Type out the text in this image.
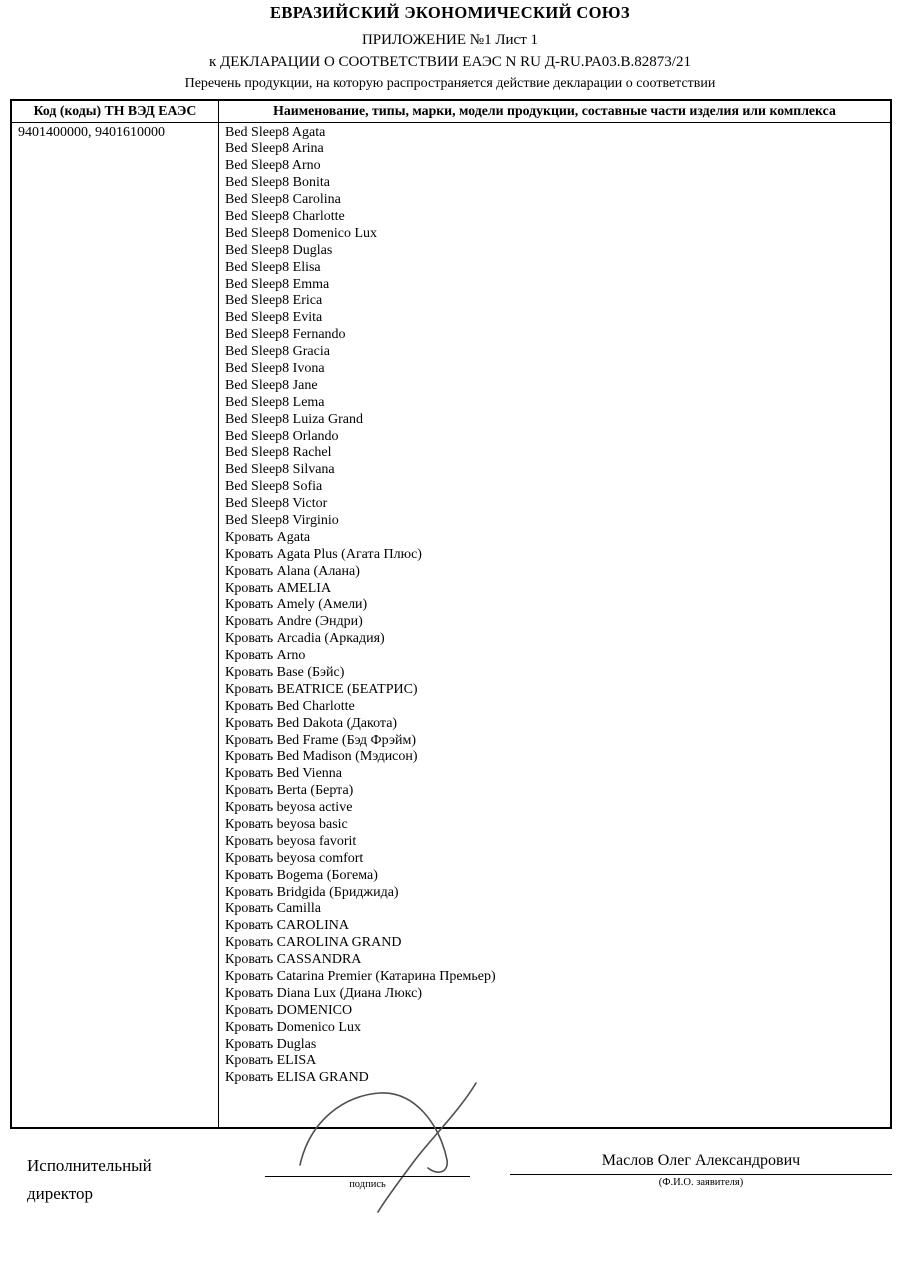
ЕВРАЗИЙСКИЙ ЭКОНОМИЧЕСКИЙ СОЮЗ
ПРИЛОЖЕНИЕ №1 Лист 1
к ДЕКЛАРАЦИИ О СООТВЕТСТВИИ ЕАЭС N RU Д-RU.РА03.В.82873/21
Перечень продукции, на которую распространяется действие декларации о соответствии
Код (коды) ТН ВЭД ЕАЭС	Наименование, типы, марки, модели продукции, составные части изделия или комплекса
9401400000, 9401610000	Bed Sleep8 Agata
Bed Sleep8 Arina
Bed Sleep8 Arno
Bed Sleep8 Bonita
Bed Sleep8 Carolina
Bed Sleep8 Charlotte
Bed Sleep8 Domenico Lux
Bed Sleep8 Duglas
Bed Sleep8 Elisa
Bed Sleep8 Emma
Bed Sleep8 Erica
Bed Sleep8 Evita
Bed Sleep8 Fernando
Bed Sleep8 Gracia
Bed Sleep8 Ivona
Bed Sleep8 Jane
Bed Sleep8 Lema
Bed Sleep8 Luiza Grand
Bed Sleep8 Orlando
Bed Sleep8 Rachel
Bed Sleep8 Silvana
Bed Sleep8 Sofia
Bed Sleep8 Victor
Bed Sleep8 Virginio
Кровать Agata
Кровать Agata Plus (Агата Плюс)
Кровать Alana (Алана)
Кровать AMELIA
Кровать Amely (Амели)
Кровать Andre (Эндри)
Кровать Arcadia (Аркадия)
Кровать Arno
Кровать Base (Бэйс)
Кровать BEATRICE (БЕАТРИС)
Кровать Bed Charlotte
Кровать Bed Dakota (Дакота)
Кровать Bed Frame (Бэд Фрэйм)
Кровать Bed Madison (Мэдисон)
Кровать Bed Vienna
Кровать Berta (Берта)
Кровать beyosa active
Кровать beyosa basic
Кровать beyosa favorit
Кровать beyosa comfort
Кровать Bogema (Богема)
Кровать Bridgida (Бриджида)
Кровать Camilla
Кровать CAROLINA
Кровать CAROLINA GRAND
Кровать CASSANDRA
Кровать Catarina Premier (Катарина Премьер)
Кровать Diana Lux (Диана Люкс)
Кровать DOMENICO
Кровать Domenico Lux
Кровать Duglas
Кровать ELISA
Кровать ELISA GRAND
Исполнительный директор	подпись
Маслов Олег Александрович
(Ф.И.О. заявителя)
